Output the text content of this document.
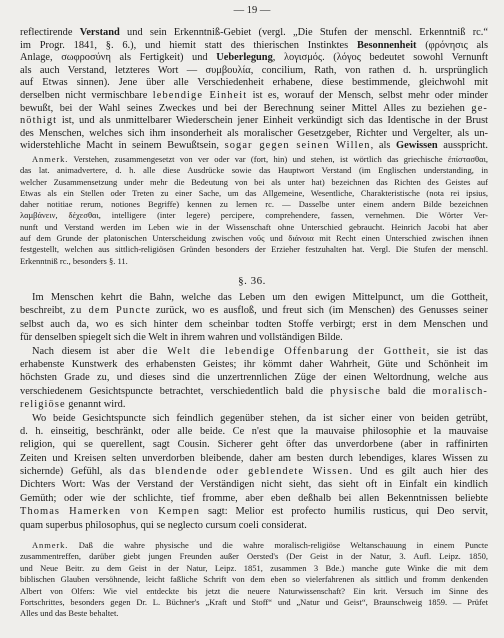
— 19 —
reflectirende Verstand und sein Erkenntniß-Gebiet (vergl. „Die Stufen der menschl. Erkenntniß rc.“
im Progr. 1841, §. 6.), und hiemit statt des thierischen Instinktes Besonnenheit (φρόνησις als
Anlage, σωφροσύνη als Fertigkeit) und Ueberlegung, λογισμός. (λόγος bedeutet sowohl Vernunft
als auch Verstand, letzteres Wort — συμβουλία, concilium, Rath, von rathen d. h. ursprünglich
auf Etwas sinnen). Jene über alle Verschiedenheit erhabene, diese bestimmende, gleichwohl mit
derselben nicht vermischbare lebendige Einheit ist es, worauf der Mensch, selbst mehr oder minder
bewußt, bei der Wahl seines Zweckes und bei der Berechnung seiner Mittel Alles zu beziehen ge-
nöthigt ist, und als unmittelbarer Wiederschein jener Einheit verkündigt sich das Identische in der Brust
des Menschen, welches sich ihm insonderheit als moralischer Gesetzgeber, Richter und Vergelter, als un-
widerstehliche Macht in seinem Bewußtsein, sogar gegen seinen Willen, als Gewissen ausspricht.
Anmerk. Verstehen, zusammengesetzt von ver oder var (fort, hin) und stehen, ist wörtlich das griechische ἐπίστασθαι,
das lat. animadvertere, d. h. alle diese Ausdrücke sowie das Hauptwort Verstand (im Englischen understanding, in
welcher Zusammensetzung under mehr die Bedeutung von bei als unter hat) bezeichnen das Richten des Geistes auf
Etwas als ein Stellen oder Treten zu einer Sache, um das Allgemeine, Wesentliche, Charakteristische (nota rei ipsius,
daher notitiae rerum, notiones Begriffe) kennen zu lernen rc. — Dasselbe unter einem andern Bilde bezeichnen
λαμβάνειν, δέχεσθαι, intelligere (inter legere) percipere, comprehendere, fassen, vernehmen. Die Wörter Ver-
nunft und Verstand werden im Leben wie in der Wissenschaft ohne Unterschied gebraucht. Heinrich Jacobi hat aber
auf dem Grunde der platonischen Unterscheidung zwischen νοῦς und διάνοια mit Recht einen Unterschied zwischen ihnen
festgestellt, welchen aus sittlich-religiösen Gründen besonders der Erzieher festzuhalten hat. Vergl. Die Stufen der menschl.
Erkenntniß rc., besonders §. 11.
§. 36.
Im Menschen kehrt die Bahn, welche das Leben um den ewigen Mittelpunct, um die Gottheit,
beschreibt, zu dem Puncte zurück, wo es ausfloß, und freut sich (im Menschen) des Genusses seiner
selbst auch da, wo es sich hinter dem scheinbar todten Stoffe verbirgt; erst in dem Menschen und
für denselben spiegelt sich die Welt in ihrem wahren und vollständigen Bilde.
Nach diesem ist aber die Welt die lebendige Offenbarung der Gottheit, sie ist das
erhabenste Kunstwerk des erhabensten Geistes; ihr kömmt daher Wahrheit, Güte und Schönheit im
höchsten Grade zu, und dieses sind die unzertrennlichen Züge der einen Weltordnung, welche aus
verschiedenem Gesichtspuncte betrachtet, verschiedentlich bald die physische bald die moralisch-
religiöse genannt wird.
Wo beide Gesichtspuncte sich feindlich gegenüber stehen, da ist sicher einer von beiden getrübt,
d. h. einseitig, beschränkt, oder alle beide. Ce n'est que la mauvaise philosophie et la mauvaise
religion, qui se querellent, sagt Cousin. Sicherer geht öfter das unverdorbene (aber in raffinirten
Zeiten und Kreisen selten unverdorben bleibende, daher am besten durch lebendiges, klares Wissen zu
sichernde) Gefühl, als das blendende oder geblendete Wissen. Und es gilt auch hier des
Dichters Wort: Was der Verstand der Verständigen nicht sieht, das sieht oft in Einfalt ein kindlich
Gemüth; oder wie der schlichte, tief fromme, aber eben deßhalb bei allen Bekenntnissen beliebte
Thomas Hamerken von Kempen sagt: Melior est profecto humilis rusticus, qui Deo servit,
quam superbus philosophus, qui se neglecto cursum coeli considerat.
Anmerk. Daß die wahre physische und die wahre moralisch-religiöse Weltanschauung in einem Puncte
zusammentreffen, darüber giebt jungen Freunden außer Oersted's (Der Geist in der Natur, 3. Aufl. Leipz. 1850,
und Neue Beitr. zu dem Geist in der Natur, Leipz. 1851, zusammen 3 Bde.) manche gute Winke die mit dem
biblischen Glauben versöhnende, leicht faßliche Schrift von dem eben so vielerfahrenen als sittlich und fromm denkenden
Albert von Olfers: Wie viel entdeckte bis jetzt die neuere Naturwissenschaft? Ein krit. Versuch im Sinne des
Fortschrittes, besonders gegen Dr. L. Büchner's „Kraft und Stoff“ und „Natur und Geist“, Braunschweig 1859. — Prüfet
Alles und das Beste behaltet.
